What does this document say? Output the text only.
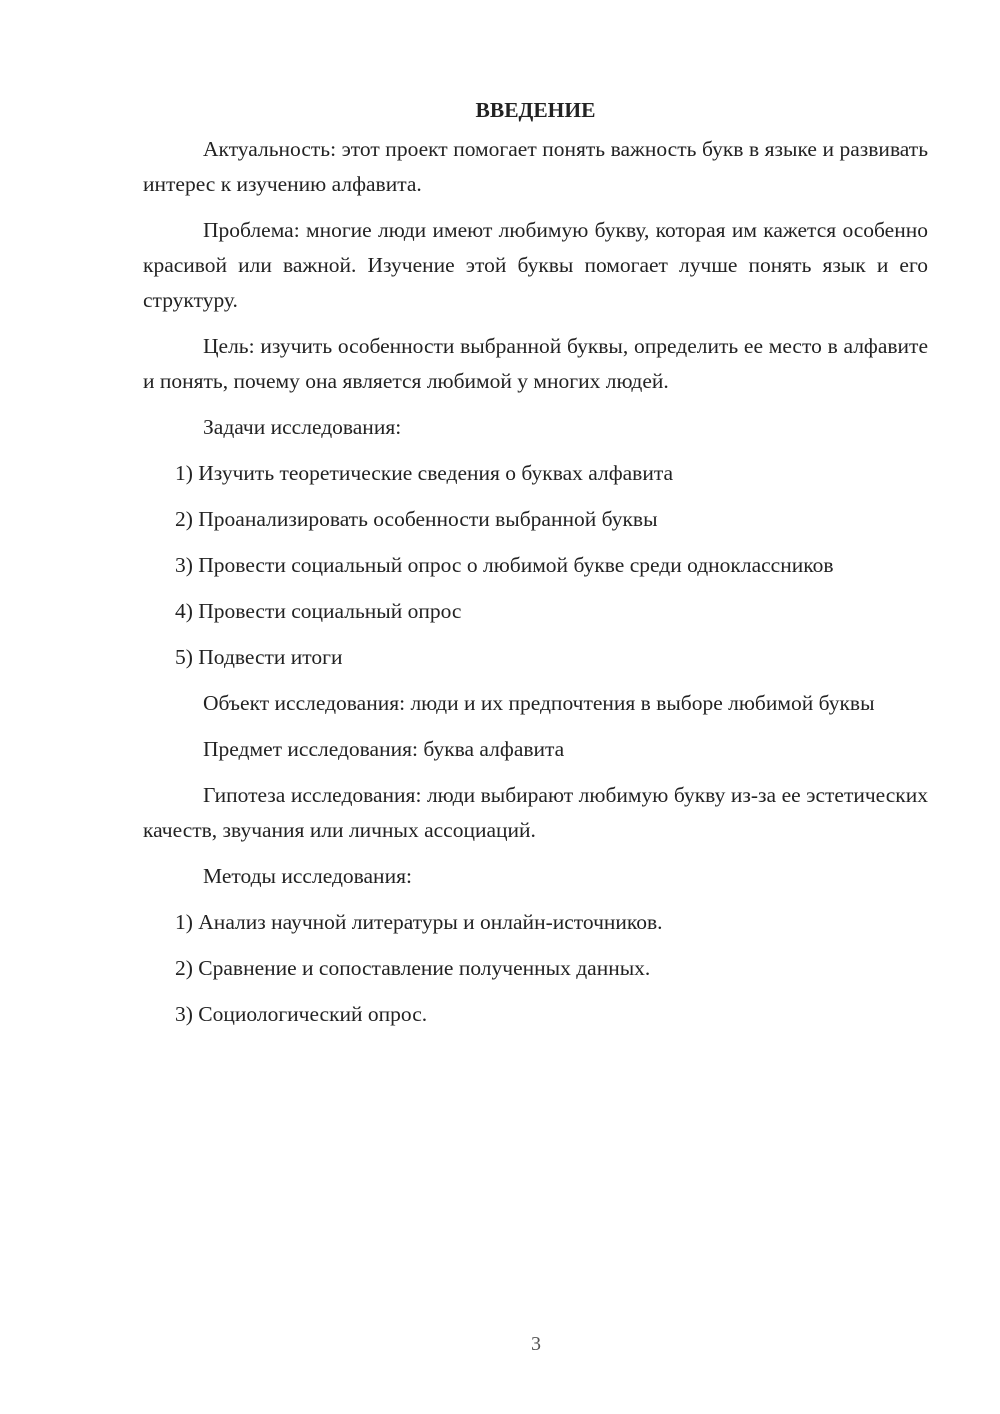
ВВЕДЕНИЕ

Актуальность: этот проект помогает понять важность букв в языке и развивать интерес к изучению алфавита.

Проблема: многие люди имеют любимую букву, которая им кажется особенно красивой или важной. Изучение этой буквы помогает лучше понять язык и его структуру.

Цель: изучить особенности выбранной буквы, определить ее место в алфавите и понять, почему она является любимой у многих людей.

Задачи исследования:

1) Изучить теоретические сведения о буквах алфавита

2) Проанализировать особенности выбранной буквы

3) Провести социальный опрос о любимой букве среди одноклассников

4) Провести социальный опрос

5) Подвести итоги

Объект исследования: люди и их предпочтения в выборе любимой буквы

Предмет исследования: буква алфавита

Гипотеза исследования: люди выбирают любимую букву из-за ее эстетических качеств, звучания или личных ассоциаций.

Методы исследования:

1) Анализ научной литературы и онлайн-источников.

2) Сравнение и сопоставление полученных данных.

3) Социологический опрос.

3
